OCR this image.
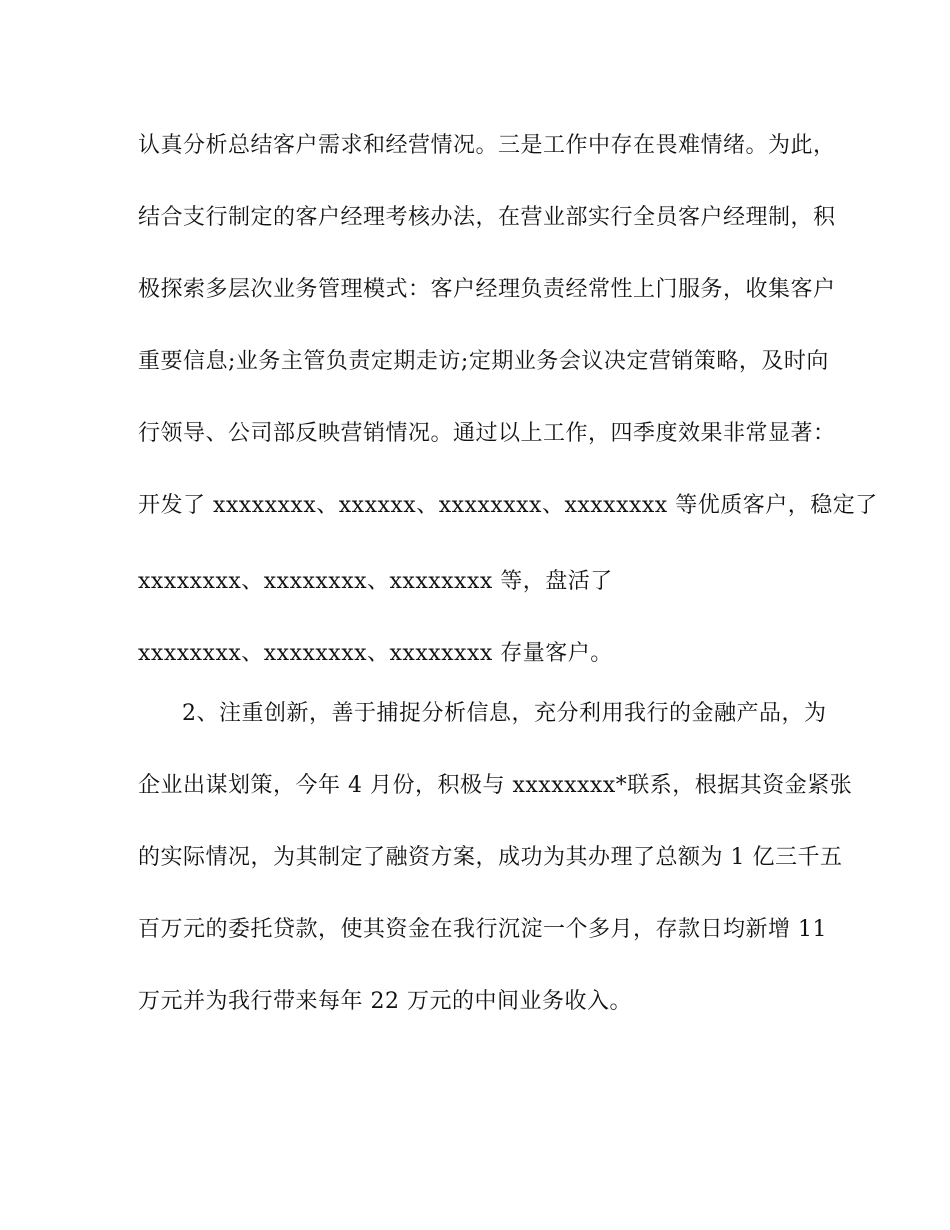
认真分析总结客户需求和经营情况。三是工作中存在畏难情绪。为此，
结合支行制定的客户经理考核办法，在营业部实行全员客户经理制，积
极探索多层次业务管理模式：客户经理负责经常性上门服务，收集客户
重要信息;业务主管负责定期走访;定期业务会议决定营销策略，及时向
行领导、公司部反映营销情况。通过以上工作，四季度效果非常显著：
开发了 xxxxxxxx、xxxxxx、xxxxxxxx、xxxxxxxx 等优质客户，稳定了
xxxxxxxx、xxxxxxxx、xxxxxxxx 等，盘活了
xxxxxxxx、xxxxxxxx、xxxxxxxx 存量客户。
2、注重创新，善于捕捉分析信息，充分利用我行的金融产品，为
企业出谋划策，今年 4 月份，积极与 xxxxxxxx*联系，根据其资金紧张
的实际情况，为其制定了融资方案，成功为其办理了总额为 1 亿三千五
百万元的委托贷款，使其资金在我行沉淀一个多月，存款日均新增 11
万元并为我行带来每年 22 万元的中间业务收入。
